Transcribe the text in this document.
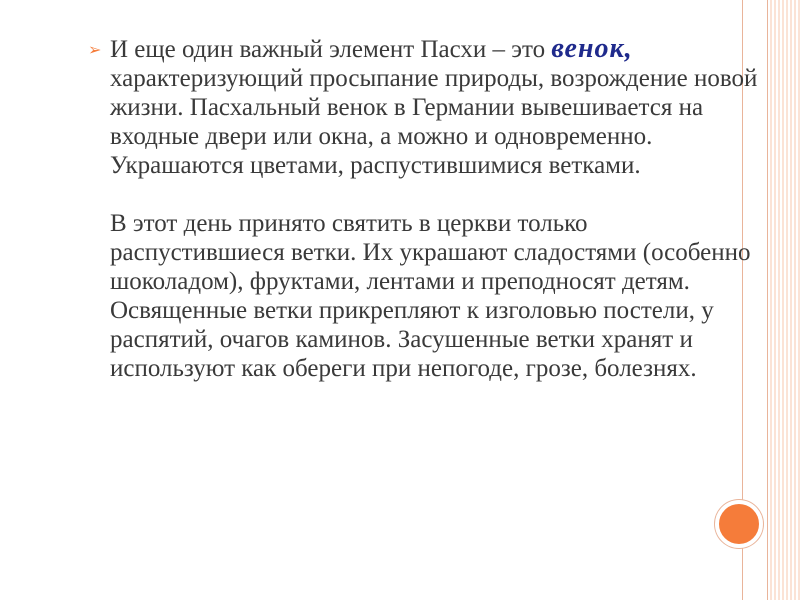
➢ И еще один важный элемент Пасхи – это венок, характеризующий просыпание природы, возрождение новой жизни. Пасхальный венок в Германии вывешивается на входные двери или окна, а можно и одновременно. Украшаются цветами, распустившимися ветками.

В этот день принято святить в церкви только распустившиеся ветки. Их украшают сладостями (особенно шоколадом), фруктами, лентами и преподносят детям. Освященные ветки прикрепляют к изголовью постели, у распятий, очагов каминов. Засушенные ветки хранят и используют как обереги при непогоде, грозе, болезнях.
